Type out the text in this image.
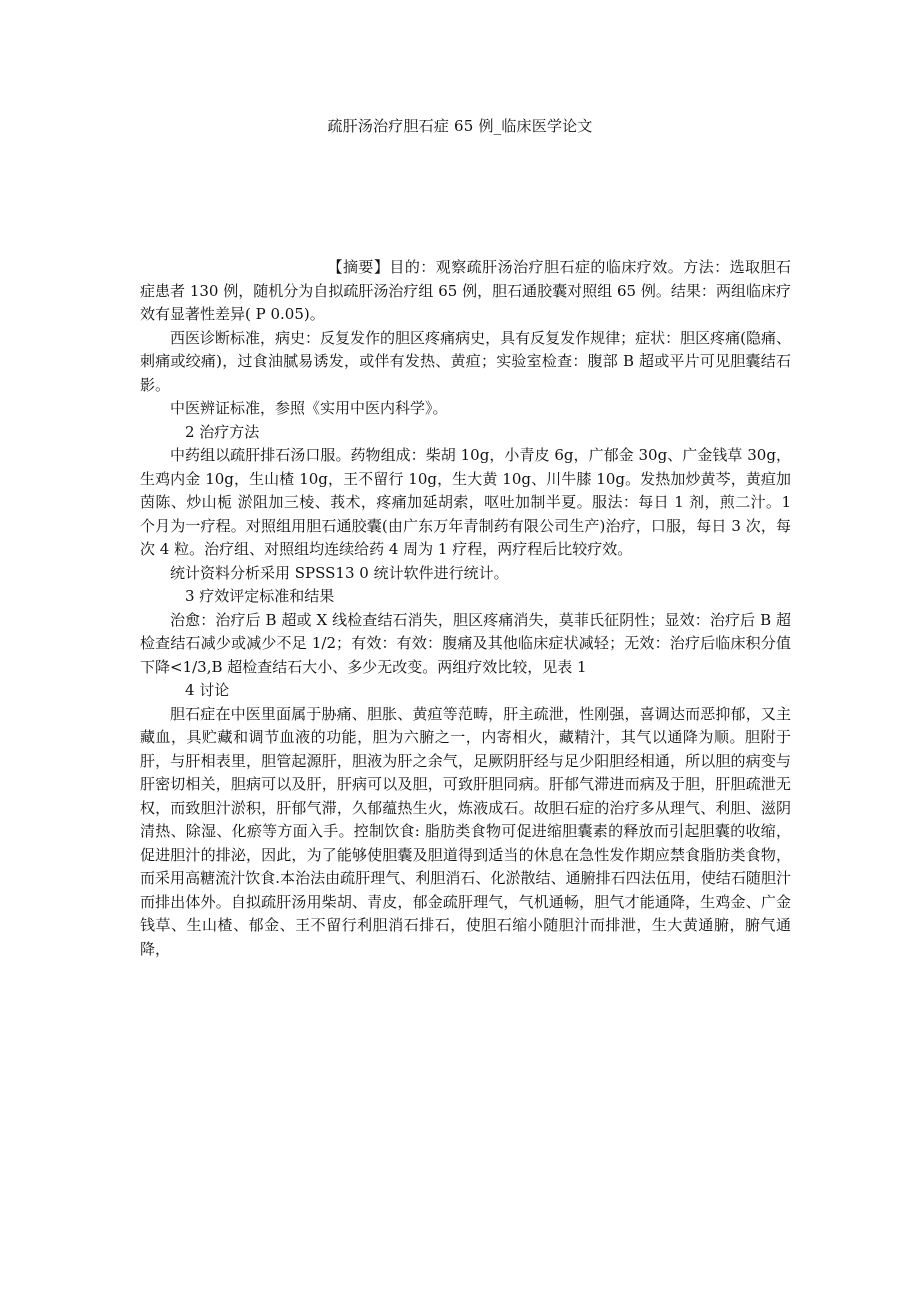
疏肝汤治疗胆石症 65 例_临床医学论文

【摘要】目的：观察疏肝汤治疗胆石症的临床疗效。方法：选取胆石症患者 130 例，随机分为自拟疏肝汤治疗组 65 例，胆石通胶囊对照组 65 例。结果：两组临床疗效有显著性差异( P 0.05)。

西医诊断标准，病史：反复发作的胆区疼痛病史，具有反复发作规律；症状：胆区疼痛(隐痛、刺痛或绞痛)，过食油腻易诱发，或伴有发热、黄疸；实验室检查：腹部 B 超或平片可见胆囊结石影。

中医辨证标准，参照《实用中医内科学》。

2 治疗方法

中药组以疏肝排石汤口服。药物组成：柴胡 10g，小青皮 6g，广郁金 30g、广金钱草 30g，生鸡内金 10g，生山楂 10g，王不留行 10g，生大黄 10g、川牛膝 10g。发热加炒黄芩，黄疸加茵陈、炒山栀 淤阻加三棱、莪术，疼痛加延胡索，呕吐加制半夏。服法：每日 1 剂，煎二汁。1 个月为一疗程。对照组用胆石通胶囊(由广东万年青制药有限公司生产)治疗，口服，每日 3 次，每次 4 粒。治疗组、对照组均连续给药 4 周为 1 疗程，两疗程后比较疗效。

统计资料分析采用 SPSS13 0 统计软件进行统计。

3 疗效评定标准和结果

治愈：治疗后 B 超或 X 线检查结石消失，胆区疼痛消失，莫菲氏征阴性；显效：治疗后 B 超检查结石减少或减少不足 1/2；有效：有效：腹痛及其他临床症状减轻；无效：治疗后临床积分值下降<1/3,B 超检查结石大小、多少无改变。两组疗效比较，见表 1

4 讨论

胆石症在中医里面属于胁痛、胆胀、黄疸等范畴，肝主疏泄，性刚强，喜调达而恶抑郁，又主藏血，具贮藏和调节血液的功能，胆为六腑之一，内寄相火，藏精汁，其气以通降为顺。胆附于肝，与肝相表里，胆管起源肝，胆液为肝之余气，足厥阴肝经与足少阳胆经相通，所以胆的病变与肝密切相关，胆病可以及肝，肝病可以及胆，可致肝胆同病。肝郁气滞进而病及于胆，肝胆疏泄无权，而致胆汁淤积，肝郁气滞，久郁蕴热生火，炼液成石。故胆石症的治疗多从理气、利胆、滋阴清热、除湿、化瘀等方面入手。控制饮食: 脂肪类食物可促进缩胆囊素的释放而引起胆囊的收缩，促进胆汁的排泌，因此，为了能够使胆囊及胆道得到适当的休息在急性发作期应禁食脂肪类食物，而采用高糖流汁饮食.本治法由疏肝理气、利胆消石、化淤散结、通腑排石四法伍用，使结石随胆汁而排出体外。自拟疏肝汤用柴胡、青皮，郁金疏肝理气，气机通畅，胆气才能通降，生鸡金、广金钱草、生山楂、郁金、王不留行利胆消石排石，使胆石缩小随胆汁而排泄，生大黄通腑，腑气通降，
